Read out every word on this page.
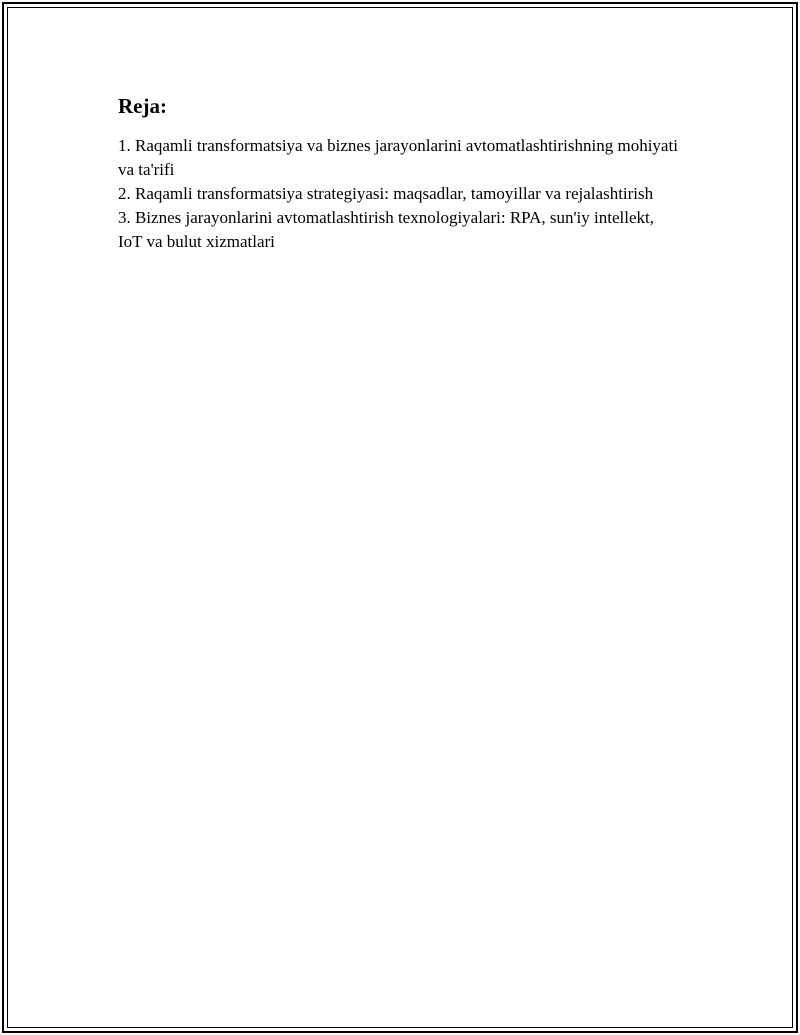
Reja:
1. Raqamli transformatsiya va biznes jarayonlarini avtomatlashtirishning mohiyati va ta'rifi
2. Raqamli transformatsiya strategiyasi: maqsadlar, tamoyillar va rejalashtirish
3. Biznes jarayonlarini avtomatlashtirish texnologiyalari: RPA, sun'iy intellekt, IoT va bulut xizmatlari
